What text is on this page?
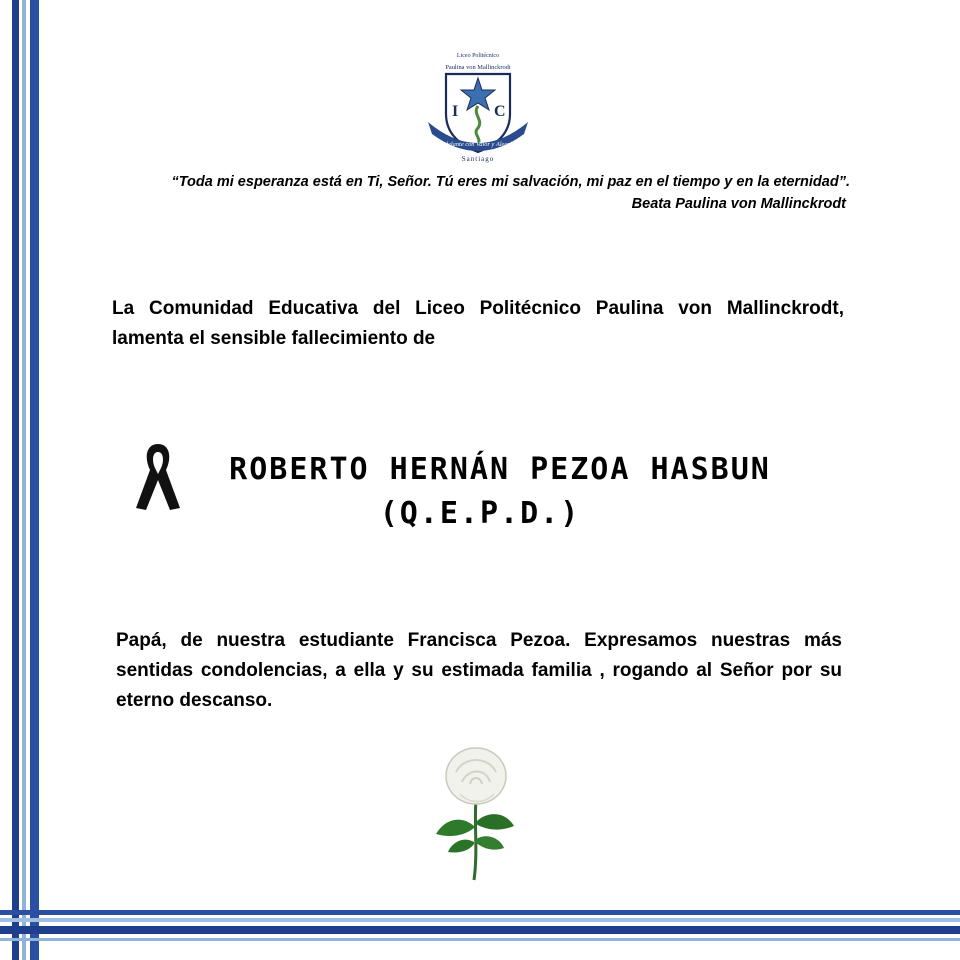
Liceo Politécnico
Paulina von Mallinckrodt
I C
Adelante con Valor y Alegría
Santiago
“Toda mi esperanza está en Ti, Señor. Tú eres mi salvación, mi paz en el tiempo y en la eternidad”.
Beata Paulina von Mallinckrodt
La Comunidad Educativa del Liceo Politécnico Paulina von Mallinckrodt, lamenta el sensible fallecimiento de
ROBERTO HERNÁN PEZOA HASBUN
(Q.E.P.D.)
Papá, de nuestra estudiante Francisca Pezoa. Expresamos nuestras más sentidas condolencias, a ella y su estimada familia , rogando al Señor por su eterno descanso.
